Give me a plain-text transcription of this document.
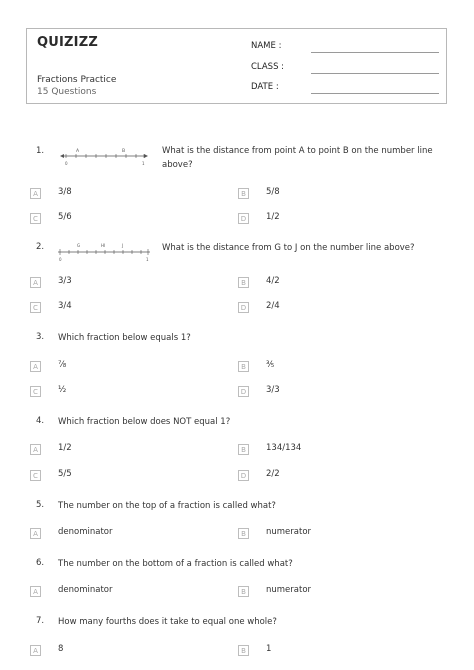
QUIZIZZ
Fractions Practice
15 Questions
NAME :
CLASS :
DATE :
1.	A	B
0	1
What is the distance from point A to point B on the number line above?
A	3/8	B	5/8
C	5/6	D	1/2
2.	G	H I	J
0	1
What is the distance from G to J on the number line above?
A	3/3	B	4/2
C	3/4	D	2/4
3. Which fraction below equals 1?
A	⅞	B	⅗
C	½	D	3/3
4. Which fraction below does NOT equal 1?
A	1/2	B	134/134
C	5/5	D	2/2
5. The number on the top of a fraction is called what?
A	denominator	B	numerator
6. The number on the bottom of a fraction is called what?
A	denominator	B	numerator
7. How many fourths does it take to equal one whole?
A	8	B	1
